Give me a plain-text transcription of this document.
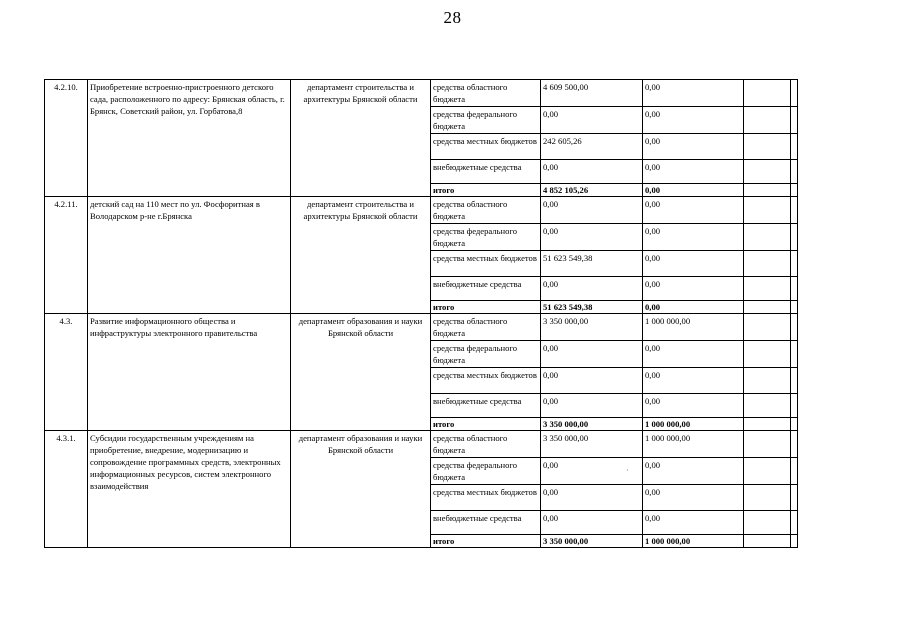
28
4.2.10.	Приобретение встроенно-пристроенного детского сада, расположенного по адресу: Брянская область, г. Брянск, Советский район, ул. Горбатова,8	департамент строительства и архитектуры Брянской области	средства областного бюджета	4 609 500,00	0,00		
			средства федерального бюджета	0,00	0,00		
			средства местных бюджетов	242 605,26	0,00		
			внебюджетные средства	0,00	0,00		
			итого	4 852 105,26	0,00		
4.2.11.	детский сад на 110 мест по ул. Фосфоритная в Володарском р-не г.Брянска	департамент строительства и архитектуры Брянской области	средства областного бюджета	0,00	0,00		
			средства федерального бюджета	0,00	0,00		
			средства местных бюджетов	51 623 549,38	0,00		
			внебюджетные средства	0,00	0,00		
			итого	51 623 549,38	0,00		
4.3.	Развитие информационного общества и инфраструктуры электронного правительства	департамент образования и науки Брянской области	средства областного бюджета	3 350 000,00	1 000 000,00		
			средства федерального бюджета	0,00	0,00		
			средства местных бюджетов	0,00	0,00		
			внебюджетные средства	0,00	0,00		
			итого	3 350 000,00	1 000 000,00		
4.3.1.	Субсидии государственным учреждениям на приобретение, внедрение, модернизацию и сопровождение программных средств, электронных информационных ресурсов, систем электронного взаимодействия	департамент образования и науки Брянской области	средства областного бюджета	3 350 000,00	1 000 000,00		
			средства федерального бюджета	0,00	0,00		
			средства местных бюджетов	0,00	0,00		
			внебюджетные средства	0,00	0,00		
			итого	3 350 000,00	1 000 000,00		
·
